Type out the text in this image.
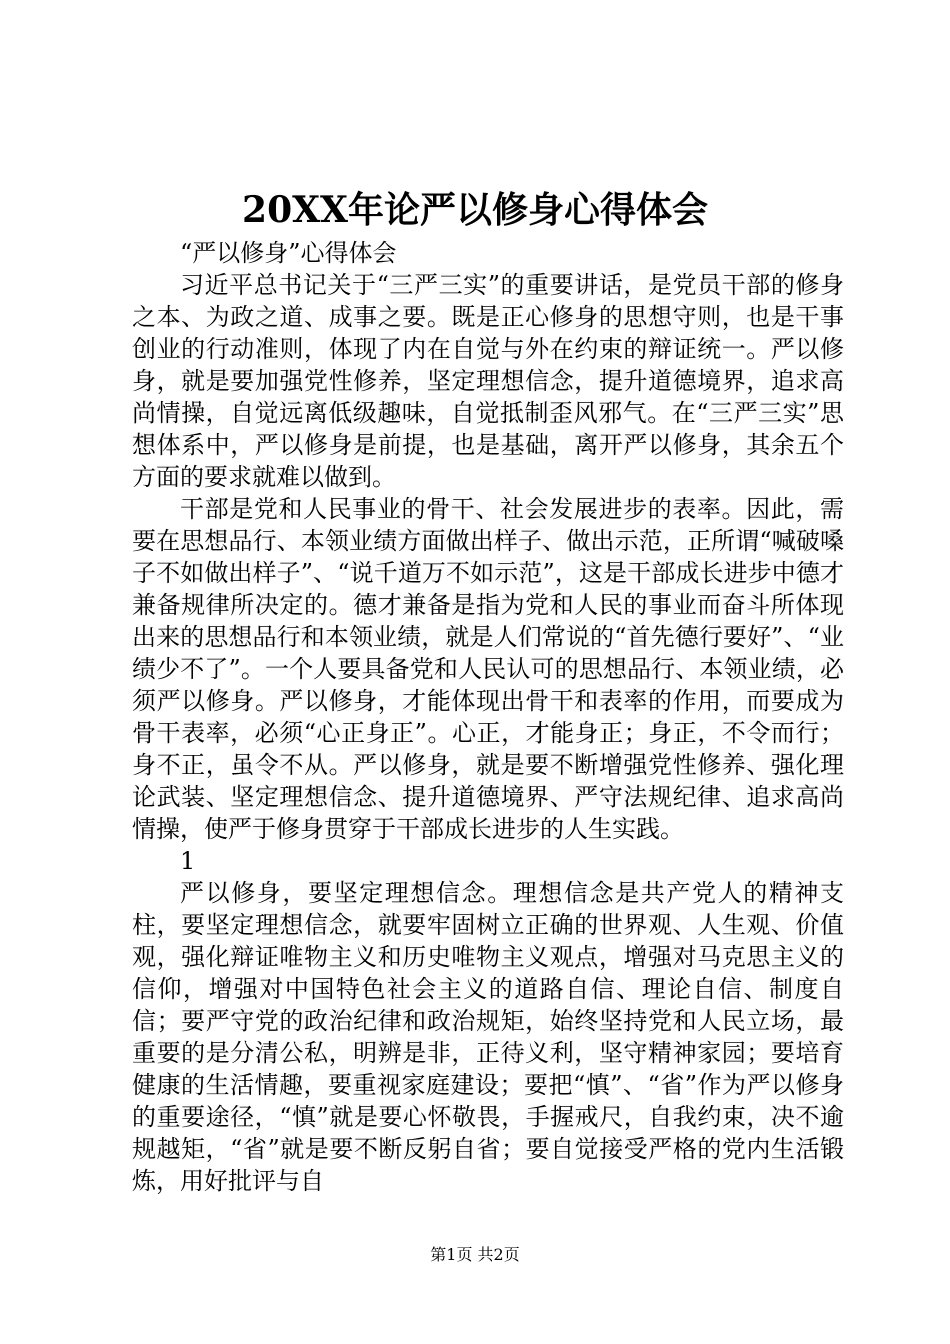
20XX年论严以修身心得体会

“严以修身”心得体会

习近平总书记关于“三严三实”的重要讲话，是党员干部的修身之本、为政之道、成事之要。既是正心修身的思想守则，也是干事创业的行动准则，体现了内在自觉与外在约束的辩证统一。严以修身，就是要加强党性修养，坚定理想信念，提升道德境界，追求高尚情操，自觉远离低级趣味，自觉抵制歪风邪气。在“三严三实”思想体系中，严以修身是前提，也是基础，离开严以修身，其余五个方面的要求就难以做到。

干部是党和人民事业的骨干、社会发展进步的表率。因此，需要在思想品行、本领业绩方面做出样子、做出示范，正所谓“喊破嗓子不如做出样子”、“说千道万不如示范”，这是干部成长进步中德才兼备规律所决定的。德才兼备是指为党和人民的事业而奋斗所体现出来的思想品行和本领业绩，就是人们常说的“首先德行要好”、“业绩少不了”。一个人要具备党和人民认可的思想品行、本领业绩，必须严以修身。严以修身，才能体现出骨干和表率的作用，而要成为骨干表率，必须“心正身正”。心正，才能身正；身正，不令而行；身不正，虽令不从。严以修身，就是要不断增强党性修养、强化理论武装、坚定理想信念、提升道德境界、严守法规纪律、追求高尚情操，使严于修身贯穿于干部成长进步的人生实践。

1

严以修身，要坚定理想信念。理想信念是共产党人的精神支柱，要坚定理想信念，就要牢固树立正确的世界观、人生观、价值观，强化辩证唯物主义和历史唯物主义观点，增强对马克思主义的信仰，增强对中国特色社会主义的道路自信、理论自信、制度自信；要严守党的政治纪律和政治规矩，始终坚持党和人民立场，最重要的是分清公私，明辨是非，正待义利，坚守精神家园；要培育健康的生活情趣，要重视家庭建设；要把“慎”、“省”作为严以修身的重要途径，“慎”就是要心怀敬畏，手握戒尺，自我约束，决不逾规越矩，“省”就是要不断反躬自省；要自觉接受严格的党内生活锻炼，用好批评与自

第1页 共2页
